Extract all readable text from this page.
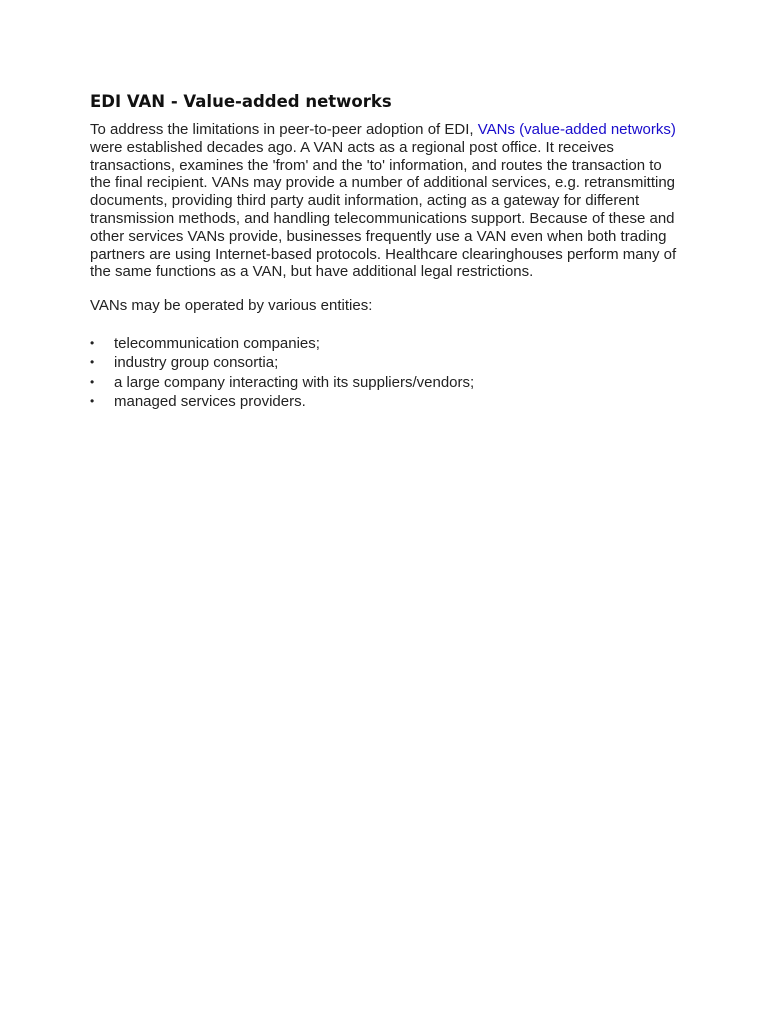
EDI VAN - Value-added networks

To address the limitations in peer-to-peer adoption of EDI, VANs (value-added networks) were established decades ago. A VAN acts as a regional post office. It receives transactions, examines the 'from' and the 'to' information, and routes the transaction to the final recipient. VANs may provide a number of additional services, e.g. retransmitting documents, providing third party audit information, acting as a gateway for different transmission methods, and handling telecommunications support. Because of these and other services VANs provide, businesses frequently use a VAN even when both trading partners are using Internet-based protocols. Healthcare clearinghouses perform many of the same functions as a VAN, but have additional legal restrictions.

VANs may be operated by various entities:

• telecommunication companies;
• industry group consortia;
• a large company interacting with its suppliers/vendors;
• managed services providers.
